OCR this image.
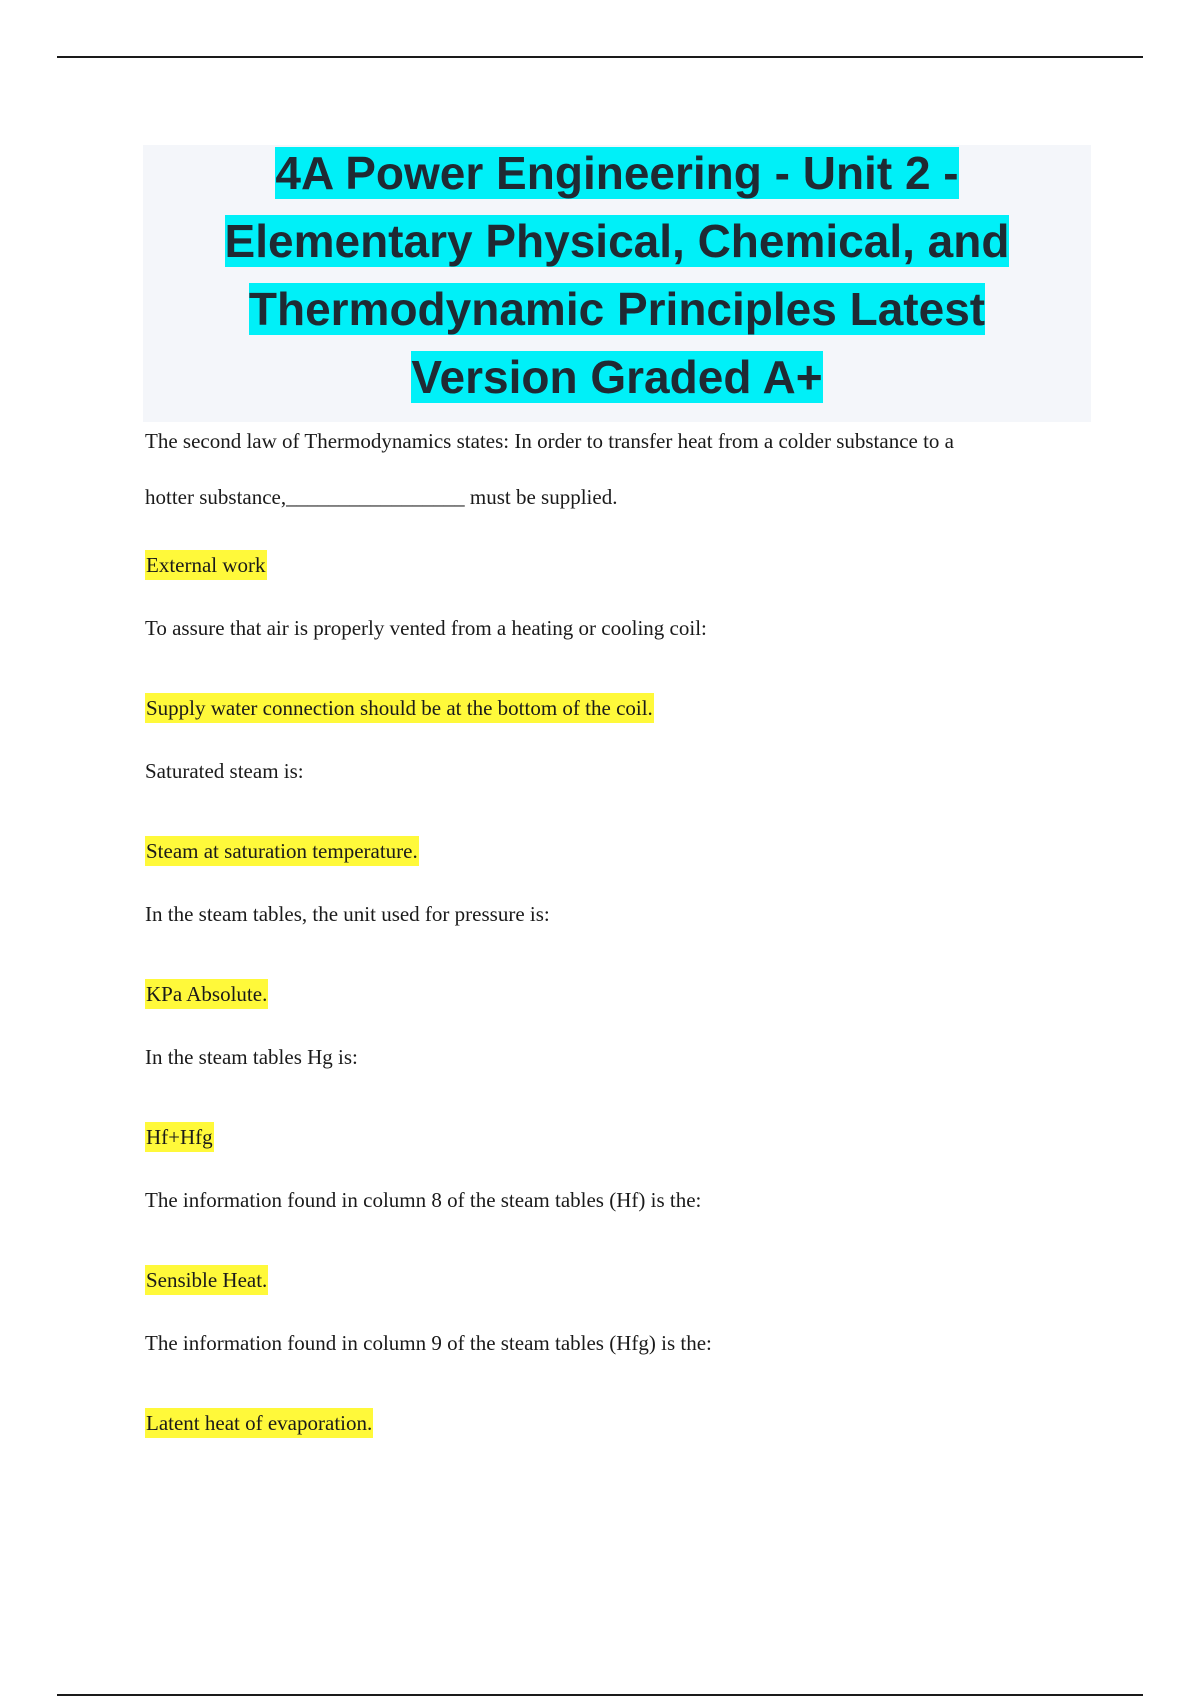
4A Power Engineering - Unit 2 - Elementary Physical, Chemical, and Thermodynamic Principles Latest Version Graded A+

The second law of Thermodynamics states: In order to transfer heat from a colder substance to a

hotter substance,_________________ must be supplied.

External work

To assure that air is properly vented from a heating or cooling coil:

Supply water connection should be at the bottom of the coil.

Saturated steam is:

Steam at saturation temperature.

In the steam tables, the unit used for pressure is:

KPa Absolute.

In the steam tables Hg is:

Hf+Hfg

The information found in column 8 of the steam tables (Hf) is the:

Sensible Heat.

The information found in column 9 of the steam tables (Hfg) is the:

Latent heat of evaporation.
